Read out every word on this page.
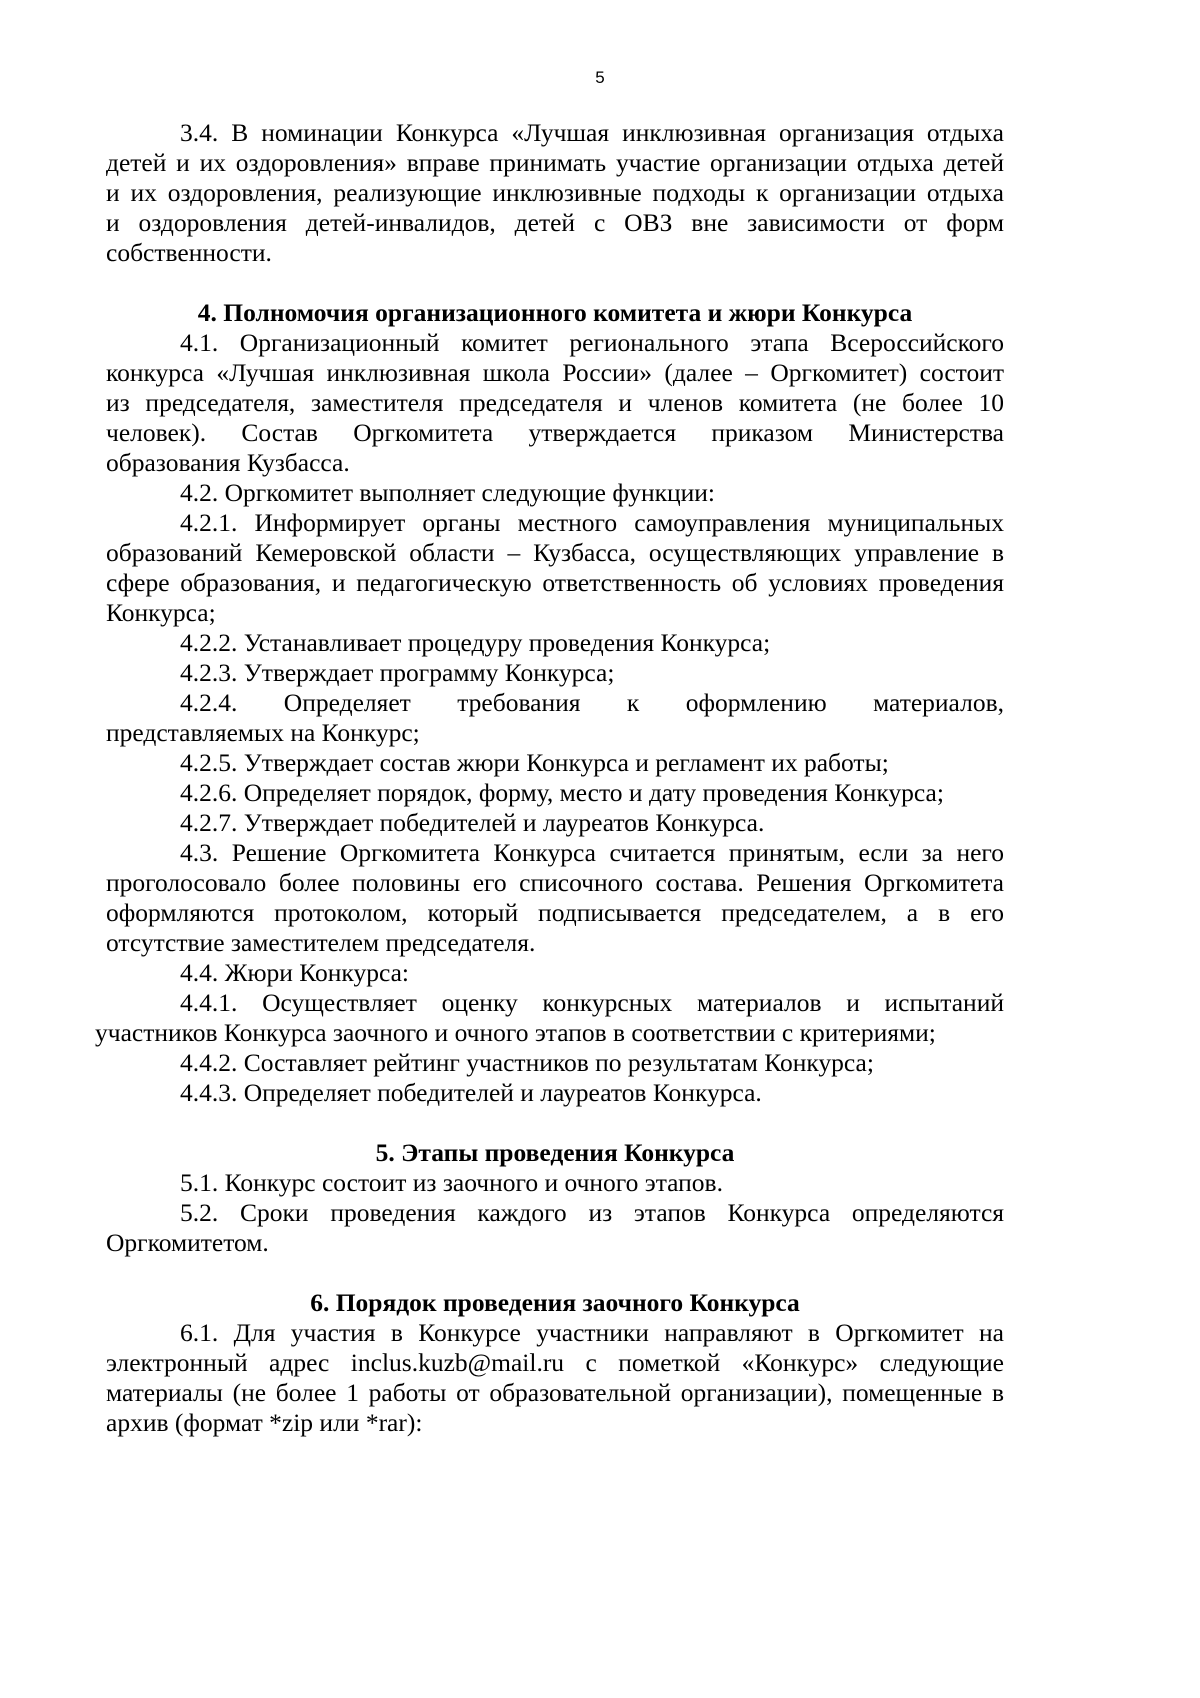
5
3.4. В номинации Конкурса «Лучшая инклюзивная организация отдыха
детей и их оздоровления» вправе принимать участие организации отдыха детей
и их оздоровления, реализующие инклюзивные подходы к организации отдыха
и оздоровления детей-инвалидов, детей с ОВЗ вне зависимости от форм
собственности.
4. Полномочия организационного комитета и жюри Конкурса
4.1. Организационный комитет регионального этапа Всероссийского
конкурса «Лучшая инклюзивная школа России» (далее – Оргкомитет) состоит
из председателя, заместителя председателя и членов комитета (не более 10
человек). Состав Оргкомитета утверждается приказом Министерства
образования Кузбасса.
4.2. Оргкомитет выполняет следующие функции:
4.2.1. Информирует органы местного самоуправления муниципальных
образований Кемеровской области – Кузбасса, осуществляющих управление в
сфере образования, и педагогическую ответственность об условиях проведения
Конкурса;
4.2.2. Устанавливает процедуру проведения Конкурса;
4.2.3. Утверждает программу Конкурса;
4.2.4. Определяет требования к оформлению материалов,
представляемых на Конкурс;
4.2.5. Утверждает состав жюри Конкурса и регламент их работы;
4.2.6. Определяет порядок, форму, место и дату проведения Конкурса;
4.2.7. Утверждает победителей и лауреатов Конкурса.
4.3. Решение Оргкомитета Конкурса считается принятым, если за него
проголосовало более половины его списочного состава. Решения Оргкомитета
оформляются протоколом, который подписывается председателем, а в его
отсутствие заместителем председателя.
4.4. Жюри Конкурса:
4.4.1. Осуществляет оценку конкурсных материалов и испытаний
участников Конкурса заочного и очного этапов в соответствии с критериями;
4.4.2. Составляет рейтинг участников по результатам Конкурса;
4.4.3. Определяет победителей и лауреатов Конкурса.
5. Этапы проведения Конкурса
5.1. Конкурс состоит из заочного и очного этапов.
5.2. Сроки проведения каждого из этапов Конкурса определяются
Оргкомитетом.
6. Порядок проведения заочного Конкурса
6.1. Для участия в Конкурсе участники направляют в Оргкомитет на
электронный адрес inclus.kuzb@mail.ru с пометкой «Конкурс» следующие
материалы (не более 1 работы от образовательной организации), помещенные в
архив (формат *zip или *rar):
